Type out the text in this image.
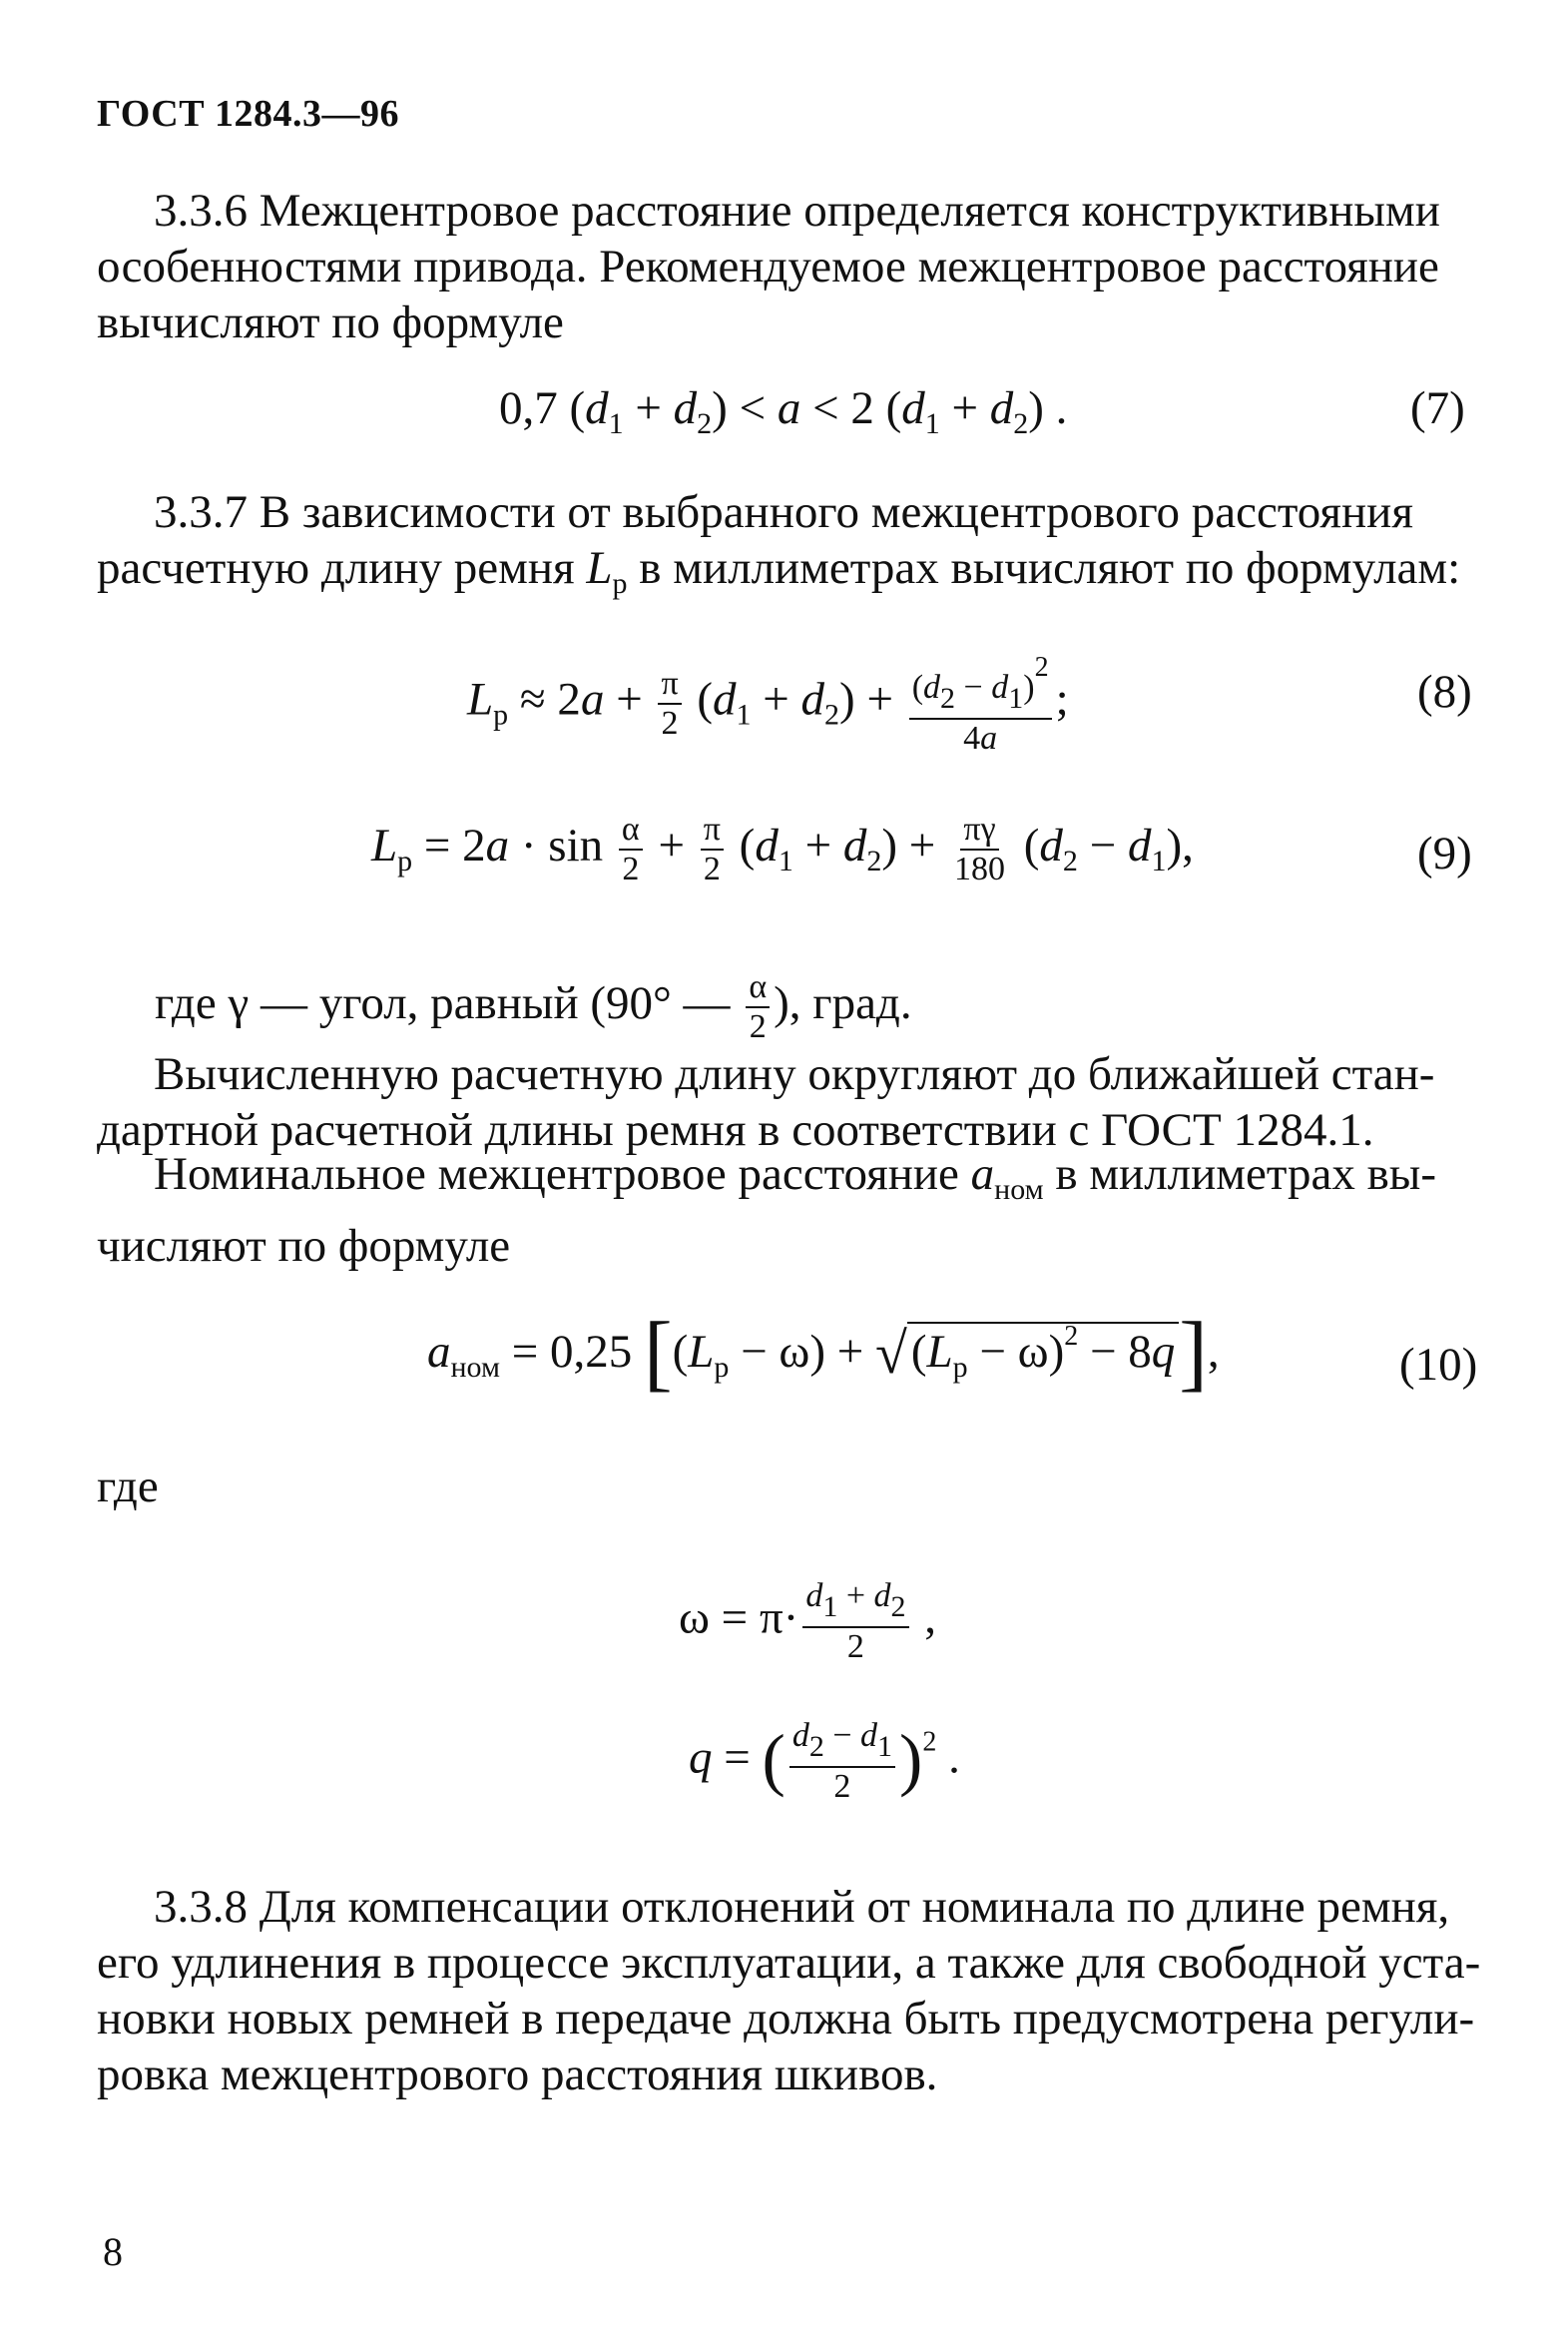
ГОСТ 1284.3—96
3.3.6 Межцентровое расстояние определяется конструктивными
особенностями привода. Рекомендуемое межцентровое расстояние
вычисляют по формуле
0,7 $(d_1 + d_2) < a < 2$ $(d_1 + d_2)$ .	(7)
3.3.7 В зависимости от выбранного межцентрового расстояния
расчетную длину ремня $L_р$ в миллиметрах вычисляют по формулам:
$L_р \approx 2a + \frac{\pi}{2} (d_1 + d_2) + \frac{(d2 - d1)^2}{4a}$ ;	(8)
$L_р = 2a \cdot \sin \frac{\alpha}{2} + \frac{\pi}{2} (d_1 + d_2) + \frac{\pi\gamma}{180} (d_2 - d_1)$,	(9)
где γ — угол, равный (90° — $\frac{\alpha}{2}$ ), град.
Вычисленную расчетную длину округляют до ближайшей стан-
дартной расчетной длины ремня в соответствии с ГОСТ 1284.1.
Номинальное межцентровое расстояние $a_{ном}$ в миллиметрах вы-
числяют по формуле
$a_{ном} = 0,25$ $[(L_р - \omega) + √(L_р - \omega)^2 - 8q]$,	(10)
где
$\omega = \pi\cdot \frac{d1 + d2}{2}$ ,
q = ( $\frac{d2 - d1}{2} )^2$ .
3.3.8 Для компенсации отклонений от номинала по длине ремня,
его удлинения в процессе эксплуатации, а также для свободной уста-
новки новых ремней в передаче должна быть предусмотрена регули-
ровка межцентрового расстояния шкивов.
8
